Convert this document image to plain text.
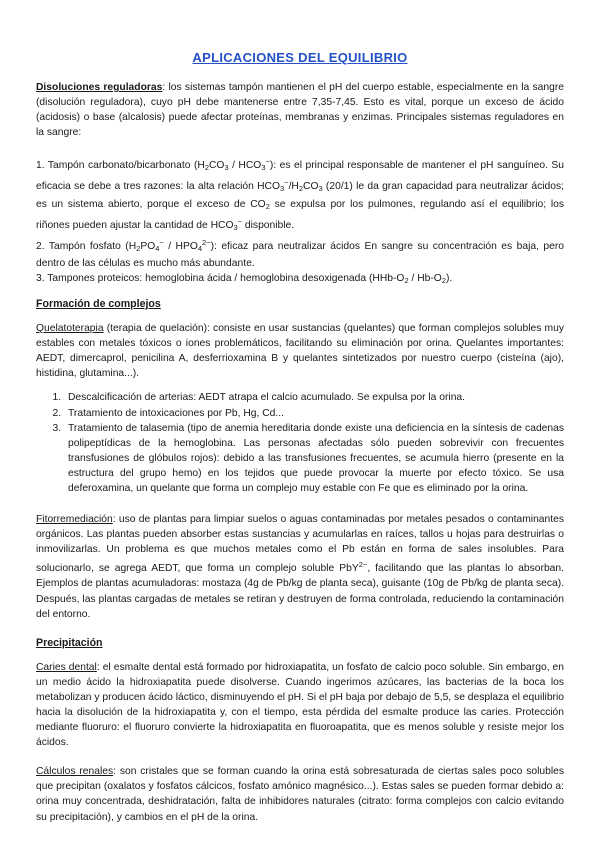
APLICACIONES DEL EQUILIBRIO

Disoluciones reguladoras: los sistemas tampón mantienen el pH del cuerpo estable, especialmente en la sangre (disolución reguladora), cuyo pH debe mantenerse entre 7,35-7,45. Esto es vital, porque un exceso de ácido (acidosis) o base (alcalosis) puede afectar proteínas, membranas y enzimas. Principales sistemas reguladores en la sangre:

1. Tampón carbonato/bicarbonato $(H_2CO_3 / HCO_3^-)$: es el principal responsable de mantener el pH sanguíneo. Su eficacia se debe a tres razones: la alta relación $HCO_3^-/H_2CO_3$ (20/1) le da gran capacidad para neutralizar ácidos; es un sistema abierto, porque el exceso de $CO_2$ se expulsa por los pulmones, regulando así el equilibrio; los riñones pueden ajustar la cantidad de $HCO_3^-$ disponible.

2. Tampón fosfato $(H_2PO_4^- / HPO_4^{2-})$: eficaz para neutralizar ácidos En sangre su concentración es baja, pero dentro de las células es mucho más abundante.

3. Tampones proteicos: hemoglobina ácida / hemoglobina desoxigenada $(HHb-O_2 / Hb-O_2)$.

Formación de complejos

Quelatoterapia (terapia de quelación): consiste en usar sustancias (quelantes) que forman complejos solubles muy estables con metales tóxicos o iones problemáticos, facilitando su eliminación por orina. Quelantes importantes: AEDT, dimercaprol, penicilina A, desferrioxamina B y quelantes sintetizados por nuestro cuerpo (cisteína (ajo), histidina, glutamina...).

1. Descalcificación de arterias: AEDT atrapa el calcio acumulado. Se expulsa por la orina.
2. Tratamiento de intoxicaciones por Pb, Hg, Cd...
3. Tratamiento de talasemia (tipo de anemia hereditaria donde existe una deficiencia en la síntesis de cadenas polipeptídicas de la hemoglobina. Las personas afectadas sólo pueden sobrevivir con frecuentes transfusiones de glóbulos rojos): debido a las transfusiones frecuentes, se acumula hierro (presente en la estructura del grupo hemo) en los tejidos que puede provocar la muerte por efecto tóxico. Se usa deferoxamina, un quelante que forma un complejo muy estable con Fe que es eliminado por la orina.

Fitorremediación: uso de plantas para limpiar suelos o aguas contaminadas por metales pesados o contaminantes orgánicos. Las plantas pueden absorber estas sustancias y acumularlas en raíces, tallos u hojas para destruirlas o inmovilizarlas. Un problema es que muchos metales como el Pb están en forma de sales insolubles. Para solucionarlo, se agrega AEDT, que forma un complejo soluble PbY$^{2-}$, facilitando que las plantas lo absorban. Ejemplos de plantas acumuladoras: mostaza (4g de Pb/kg de planta seca), guisante (10g de Pb/kg de planta seca). Después, las plantas cargadas de metales se retiran y destruyen de forma controlada, reduciendo la contaminación del entorno.

Precipitación

Caries dental: el esmalte dental está formado por hidroxiapatita, un fosfato de calcio poco soluble. Sin embargo, en un medio ácido la hidroxiapatita puede disolverse. Cuando ingerimos azúcares, las bacterias de la boca los metabolizan y producen ácido láctico, disminuyendo el pH. Si el pH baja por debajo de 5,5, se desplaza el equilibrio hacia la disolución de la hidroxiapatita y, con el tiempo, esta pérdida del esmalte produce las caries. Protección mediante fluoruro: el fluoruro convierte la hidroxiapatita en fluoroapatita, que es menos soluble y resiste mejor los ácidos.

Cálculos renales: son cristales que se forman cuando la orina está sobresaturada de ciertas sales poco solubles que precipitan (oxalatos y fosfatos cálcicos, fosfato amónico magnésico...). Estas sales se pueden formar debido a: orina muy concentrada, deshidratación, falta de inhibidores naturales (citrato: forma complejos con calcio evitando su precipitación), y cambios en el pH de la orina.
